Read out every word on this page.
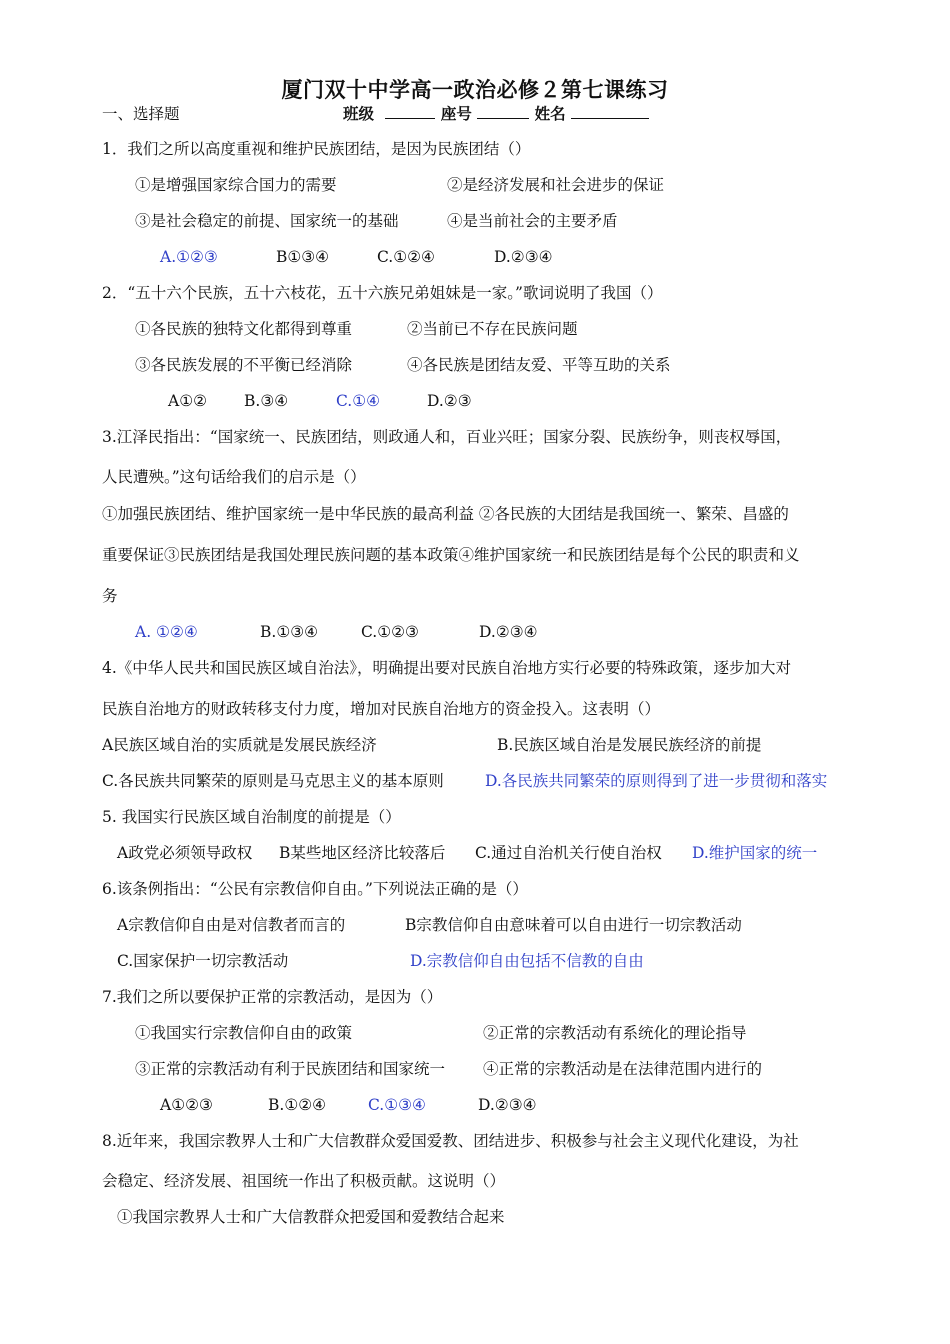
厦门双十中学高一政治必修２第七课练习
一、选择题	班级	座号	姓名
1．我们之所以高度重视和维护民族团结，是因为民族团结（）
①是增强国家综合国力的需要	②是经济发展和社会进步的保证
③是社会稳定的前提、国家统一的基础	④是当前社会的主要矛盾
A.①②③	B①③④	C.①②④	D.②③④
2．“五十六个民族，五十六枝花，五十六族兄弟姐妹是一家。”歌词说明了我国（）
①各民族的独特文化都得到尊重	②当前已不存在民族问题
③各民族发展的不平衡已经消除	④各民族是团结友爱、平等互助的关系
A①② B.③④	C.①④	D.②③
3.江泽民指出：“国家统一、民族团结，则政通人和，百业兴旺；国家分裂、民族纷争，则丧权辱国，
人民遭殃。”这句话给我们的启示是（）
①加强民族团结、维护国家统一是中华民族的最高利益 ②各民族的大团结是我国统一、繁荣、昌盛的
重要保证③民族团结是我国处理民族问题的基本政策④维护国家统一和民族团结是每个公民的职责和义
务
A. ①②④	B.①③④	C.①②③	D.②③④
4.《中华人民共和国民族区域自治法》，明确提出要对民族自治地方实行必要的特殊政策，逐步加大对
民族自治地方的财政转移支付力度，增加对民族自治地方的资金投入。这表明（）
A民族区域自治的实质就是发展民族经济	B.民族区域自治是发展民族经济的前提
C.各民族共同繁荣的原则是马克思主义的基本原则	D.各民族共同繁荣的原则得到了进一步贯彻和落实
5. 我国实行民族区域自治制度的前提是（）
A政党必须领导政权 B某些地区经济比较落后 C.通过自治机关行使自治权 D.维护国家的统一
6.该条例指出：“公民有宗教信仰自由。”下列说法正确的是（）
A宗教信仰自由是对信教者而言的	B宗教信仰自由意味着可以自由进行一切宗教活动
C.国家保护一切宗教活动	D.宗教信仰自由包括不信教的自由
7.我们之所以要保护正常的宗教活动，是因为（）
①我国实行宗教信仰自由的政策	②正常的宗教活动有系统化的理论指导
③正常的宗教活动有利于民族团结和国家统一 ④正常的宗教活动是在法律范围内进行的
A①②③	B.①②④	C.①③④	D.②③④
8.近年来，我国宗教界人士和广大信教群众爱国爱教、团结进步、积极参与社会主义现代化建设，为社
会稳定、经济发展、祖国统一作出了积极贡献。这说明（）
①我国宗教界人士和广大信教群众把爱国和爱教结合起来
